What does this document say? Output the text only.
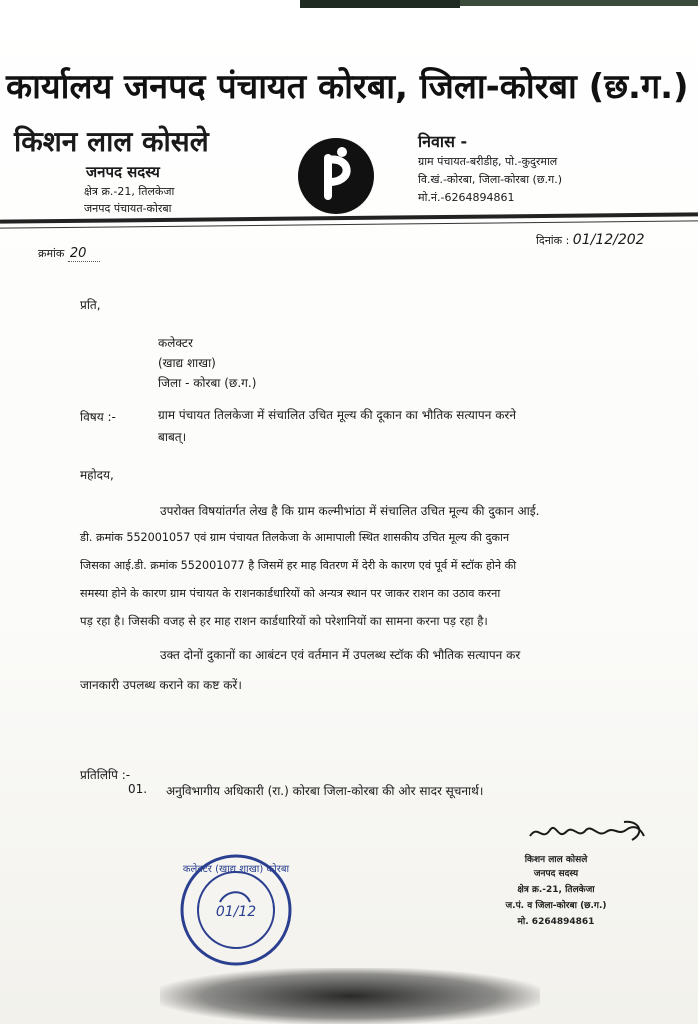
कार्यालय जनपद पंचायत कोरबा, जिला-कोरबा (छ.ग.)
किशन लाल कोसले
जनपद सदस्य
क्षेत्र क्र.-21, तिलकेजा
जनपद पंचायत-कोरबा
निवास -
ग्राम पंचायत-बरीडीह, पो.-कुदुरमाल
वि.खं.-कोरबा, जिला-कोरबा (छ.ग.)
मो.नं.-6264894861
क्रमांक 20
दिनांक : 01/12/202
प्रति,
कलेक्टर
(खाद्य शाखा)
जिला - कोरबा (छ.ग.)
विषय :-	ग्राम पंचायत तिलकेजा में संचालित उचित मूल्य की दूकान का भौतिक सत्यापन करने
बाबत्।
महोदय,
उपरोक्त विषयांतर्गत लेख है कि ग्राम कल्मीभांठा में संचालित उचित मूल्य की दुकान आई.
डी. क्रमांक 552001057 एवं ग्राम पंचायत तिलकेजा के आमापाली स्थित शासकीय उचित मूल्य की दुकान
जिसका आई.डी. क्रमांक 552001077 है जिसमें हर माह वितरण में देरी के कारण एवं पूर्व में स्टॉक होने की
समस्या होने के कारण ग्राम पंचायत के राशनकार्डधारियों को अन्यत्र स्थान पर जाकर राशन का उठाव करना
पड़ रहा है। जिसकी वजह से हर माह राशन कार्डधारियों को परेशानियों का सामना करना पड़ रहा है।
उक्त दोनों दुकानों का आबंटन एवं वर्तमान में उपलब्ध स्टॉक की भौतिक सत्यापन कर
जानकारी उपलब्ध कराने का कष्ट करें।
प्रतिलिपि :-
01. अनुविभागीय अधिकारी (रा.) कोरबा जिला-कोरबा की ओर सादर सूचनार्थ।
किशन लाल कोसले
जनपद सदस्य
क्षेत्र क्र.-21, तिलकेजा
ज.पं. व जिला-कोरबा (छ.ग.)
मो. 6264894861
कलेक्टर (खाद्य शाखा) कोरबा
01/12
